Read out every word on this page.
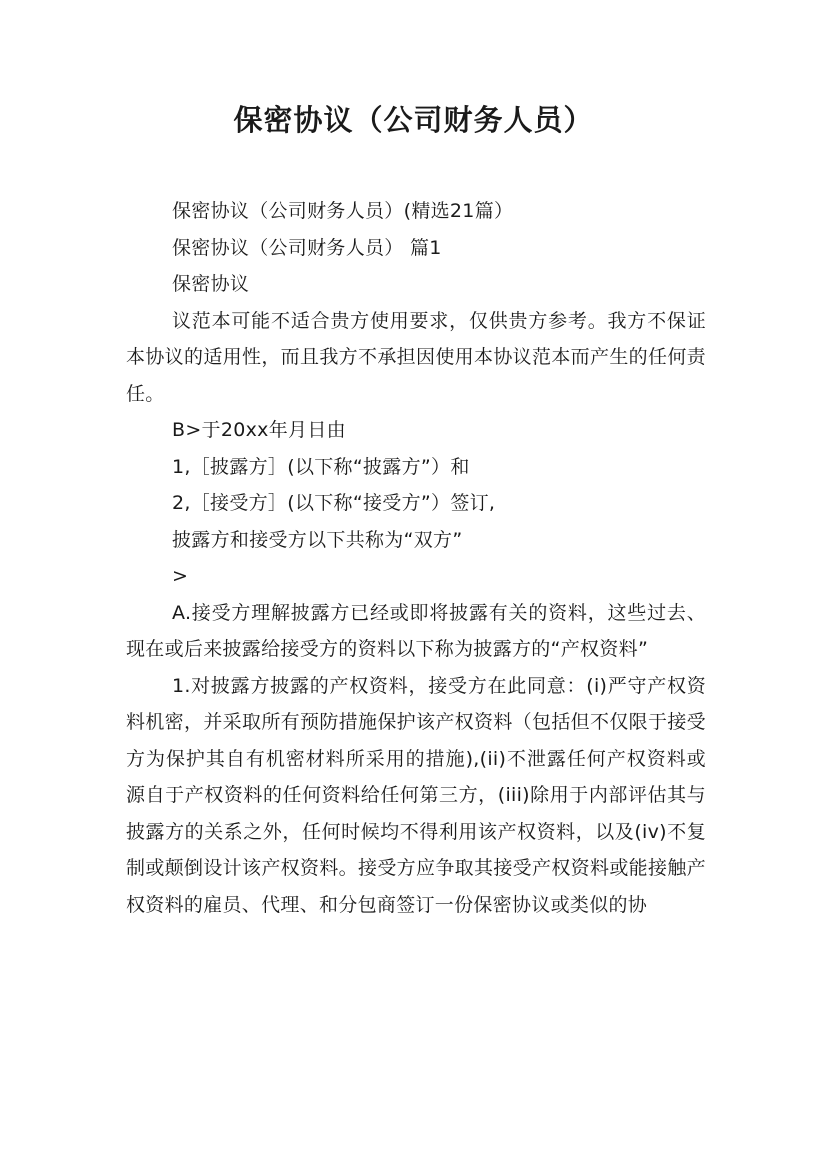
保密协议（公司财务人员）

保密协议（公司财务人员）(精选21篇）

保密协议（公司财务人员） 篇1

保密协议

议范本可能不适合贵方使用要求，仅供贵方参考。我方不保证本协议的适用性，而且我方不承担因使用本协议范本而产生的任何责任。

B>于20xx年月日由

1,［披露方］(以下称“披露方”）和

2,［接受方］(以下称“接受方”）签订,

披露方和接受方以下共称为“双方”

>

A.接受方理解披露方已经或即将披露有关的资料，这些过去、现在或后来披露给接受方的资料以下称为披露方的“产权资料”

1.对披露方披露的产权资料，接受方在此同意：(i)严守产权资料机密，并采取所有预防措施保护该产权资料（包括但不仅限于接受方为保护其自有机密材料所采用的措施),(ii)不泄露任何产权资料或源自于产权资料的任何资料给任何第三方，(iii)除用于内部评估其与披露方的关系之外，任何时候均不得利用该产权资料，以及(iv)不复制或颠倒设计该产权资料。接受方应争取其接受产权资料或能接触产权资料的雇员、代理、和分包商签订一份保密协议或类似的协
